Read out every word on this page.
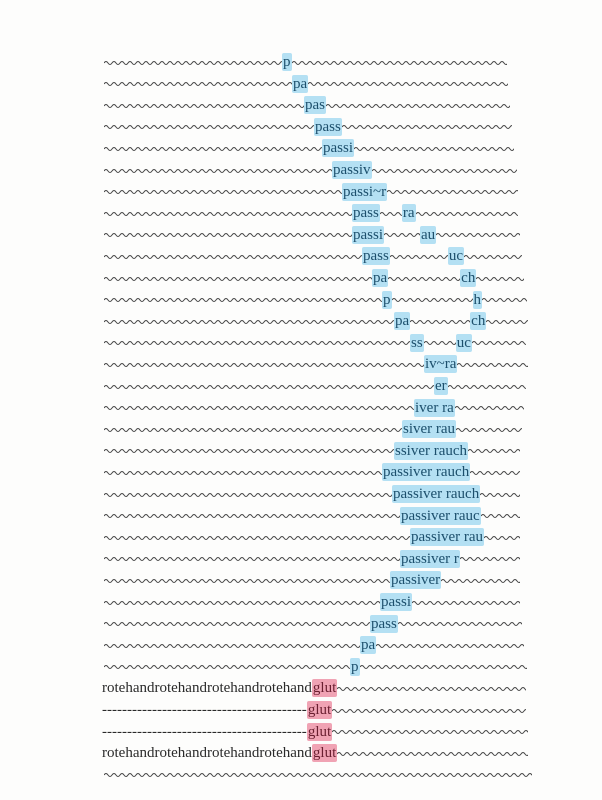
p
pa
pas
pass
passi
passiv
passi~r
pass ra
passi	au
pass	uc
pa	ch
p	h
pa	ch
ss uc
iv~ra
er
iver ra
siver rau
ssiver rauch
passiver rauch
passiver rauch
passiver rauc
passiver rau
passiver r
passiver
passi
pass
pa
p
rotehandrotehandrotehandrotehandglut
-----------------------------------------glut
-----------------------------------------glut
rotehandrotehandrotehandrotehandglut
